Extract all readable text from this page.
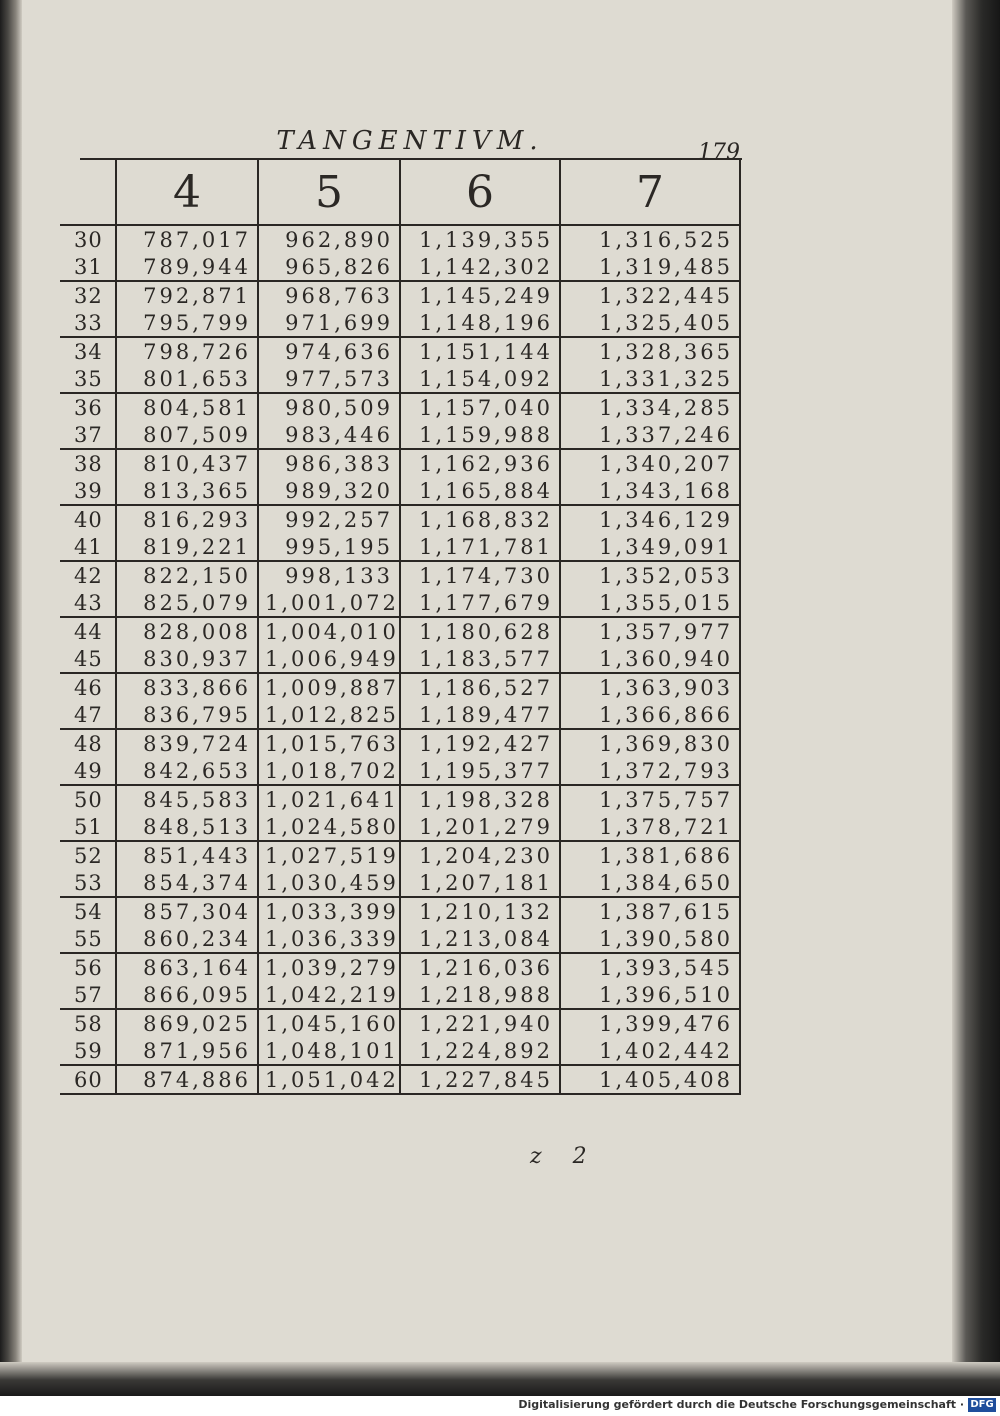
TANGENTIVM.	179
	4	5	6	7
30	787,017	962,890	1,139,355	1,316,525
31	789,944	965,826	1,142,302	1,319,485
32	792,871	968,763	1,145,249	1,322,445
33	795,799	971,699	1,148,196	1,325,405
34	798,726	974,636	1,151,144	1,328,365
35	801,653	977,573	1,154,092	1,331,325
36	804,581	980,509	1,157,040	1,334,285
37	807,509	983,446	1,159,988	1,337,246
38	810,437	986,383	1,162,936	1,340,207
39	813,365	989,320	1,165,884	1,343,168
40	816,293	992,257	1,168,832	1,346,129
41	819,221	995,195	1,171,781	1,349,091
42	822,150	998,133	1,174,730	1,352,053
43	825,079	1,001,072	1,177,679	1,355,015
44	828,008	1,004,010	1,180,628	1,357,977
45	830,937	1,006,949	1,183,577	1,360,940
46	833,866	1,009,887	1,186,527	1,363,903
47	836,795	1,012,825	1,189,477	1,366,866
48	839,724	1,015,763	1,192,427	1,369,830
49	842,653	1,018,702	1,195,377	1,372,793
50	845,583	1,021,641	1,198,328	1,375,757
51	848,513	1,024,580	1,201,279	1,378,721
52	851,443	1,027,519	1,204,230	1,381,686
53	854,374	1,030,459	1,207,181	1,384,650
54	857,304	1,033,399	1,210,132	1,387,615
55	860,234	1,036,339	1,213,084	1,390,580
56	863,164	1,039,279	1,216,036	1,393,545
57	866,095	1,042,219	1,218,988	1,396,510
58	869,025	1,045,160	1,221,940	1,399,476
59	871,956	1,048,101	1,224,892	1,402,442
60	874,886	1,051,042	1,227,845	1,405,408
z 2
Digitalisierung gefördert durch die Deutsche Forschungsgemeinschaft · DFG
